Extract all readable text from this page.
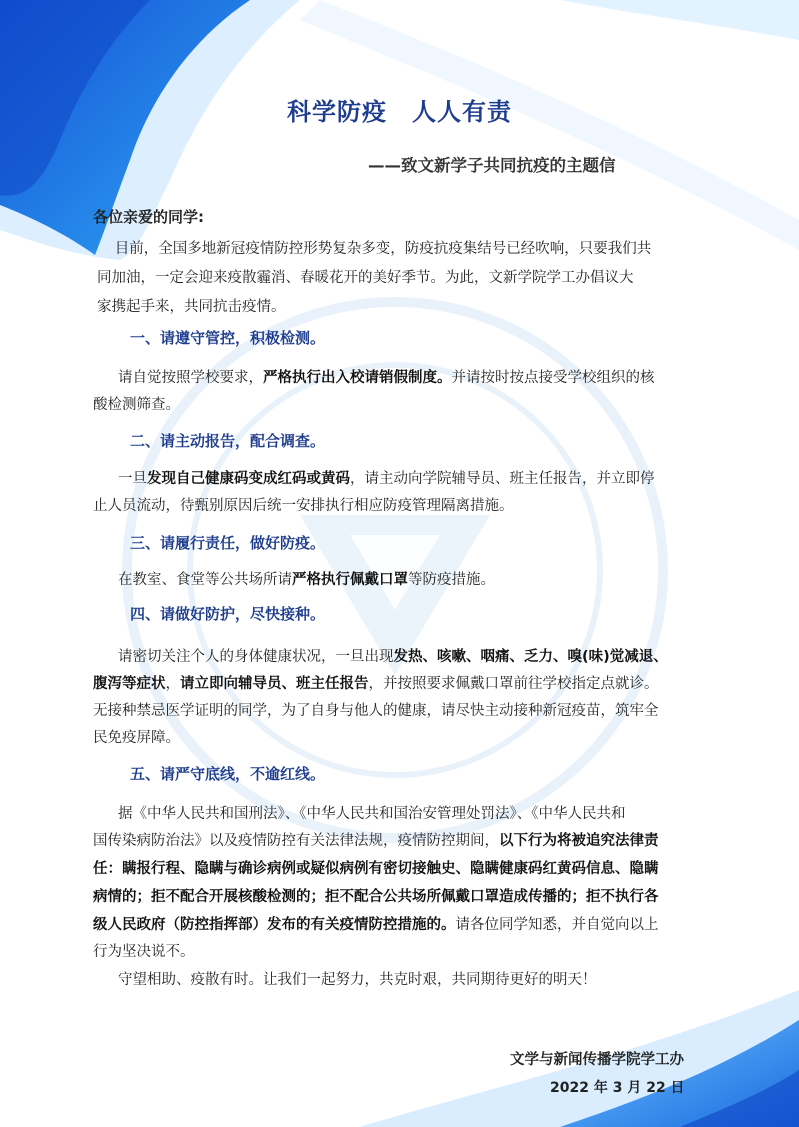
科学防疫　人人有责

——致文新学子共同抗疫的主题信

各位亲爱的同学:

目前，全国多地新冠疫情防控形势复杂多变，防疫抗疫集结号已经吹响，只要我们共
同加油，一定会迎来疫散霾消、春暖花开的美好季节。为此，文新学院学工办倡议大
家携起手来，共同抗击疫情。

一、请遵守管控，积极检测。

请自觉按照学校要求，严格执行出入校请销假制度。并请按时按点接受学校组织的核

酸检测筛查。

二、请主动报告，配合调查。

一旦发现自己健康码变成红码或黄码，请主动向学院辅导员、班主任报告，并立即停

止人员流动，待甄别原因后统一安排执行相应防疫管理隔离措施。

三、请履行责任，做好防疫。

在教室、食堂等公共场所请严格执行佩戴口罩等防疫措施。

四、请做好防护，尽快接种。

请密切关注个人的身体健康状况，一旦出现发热、咳嗽、咽痛、乏力、嗅(味)觉减退、

腹泻等症状，请立即向辅导员、班主任报告，并按照要求佩戴口罩前往学校指定点就诊。

无接种禁忌医学证明的同学，为了自身与他人的健康，请尽快主动接种新冠疫苗，筑牢全

民免疫屏障。

五、请严守底线，不逾红线。

据《中华人民共和国刑法》、《中华人民共和国治安管理处罚法》、《中华人民共和

国传染病防治法》以及疫情防控有关法律法规，疫情防控期间，以下行为将被追究法律责

任：瞒报行程、隐瞒与确诊病例或疑似病例有密切接触史、隐瞒健康码红黄码信息、隐瞒

病情的；拒不配合开展核酸检测的；拒不配合公共场所佩戴口罩造成传播的；拒不执行各

级人民政府（防控指挥部）发布的有关疫情防控措施的。请各位同学知悉，并自觉向以上

行为坚决说不。

守望相助、疫散有时。让我们一起努力，共克时艰，共同期待更好的明天！

文学与新闻传播学院学工办

2022 年 3 月 22 日
